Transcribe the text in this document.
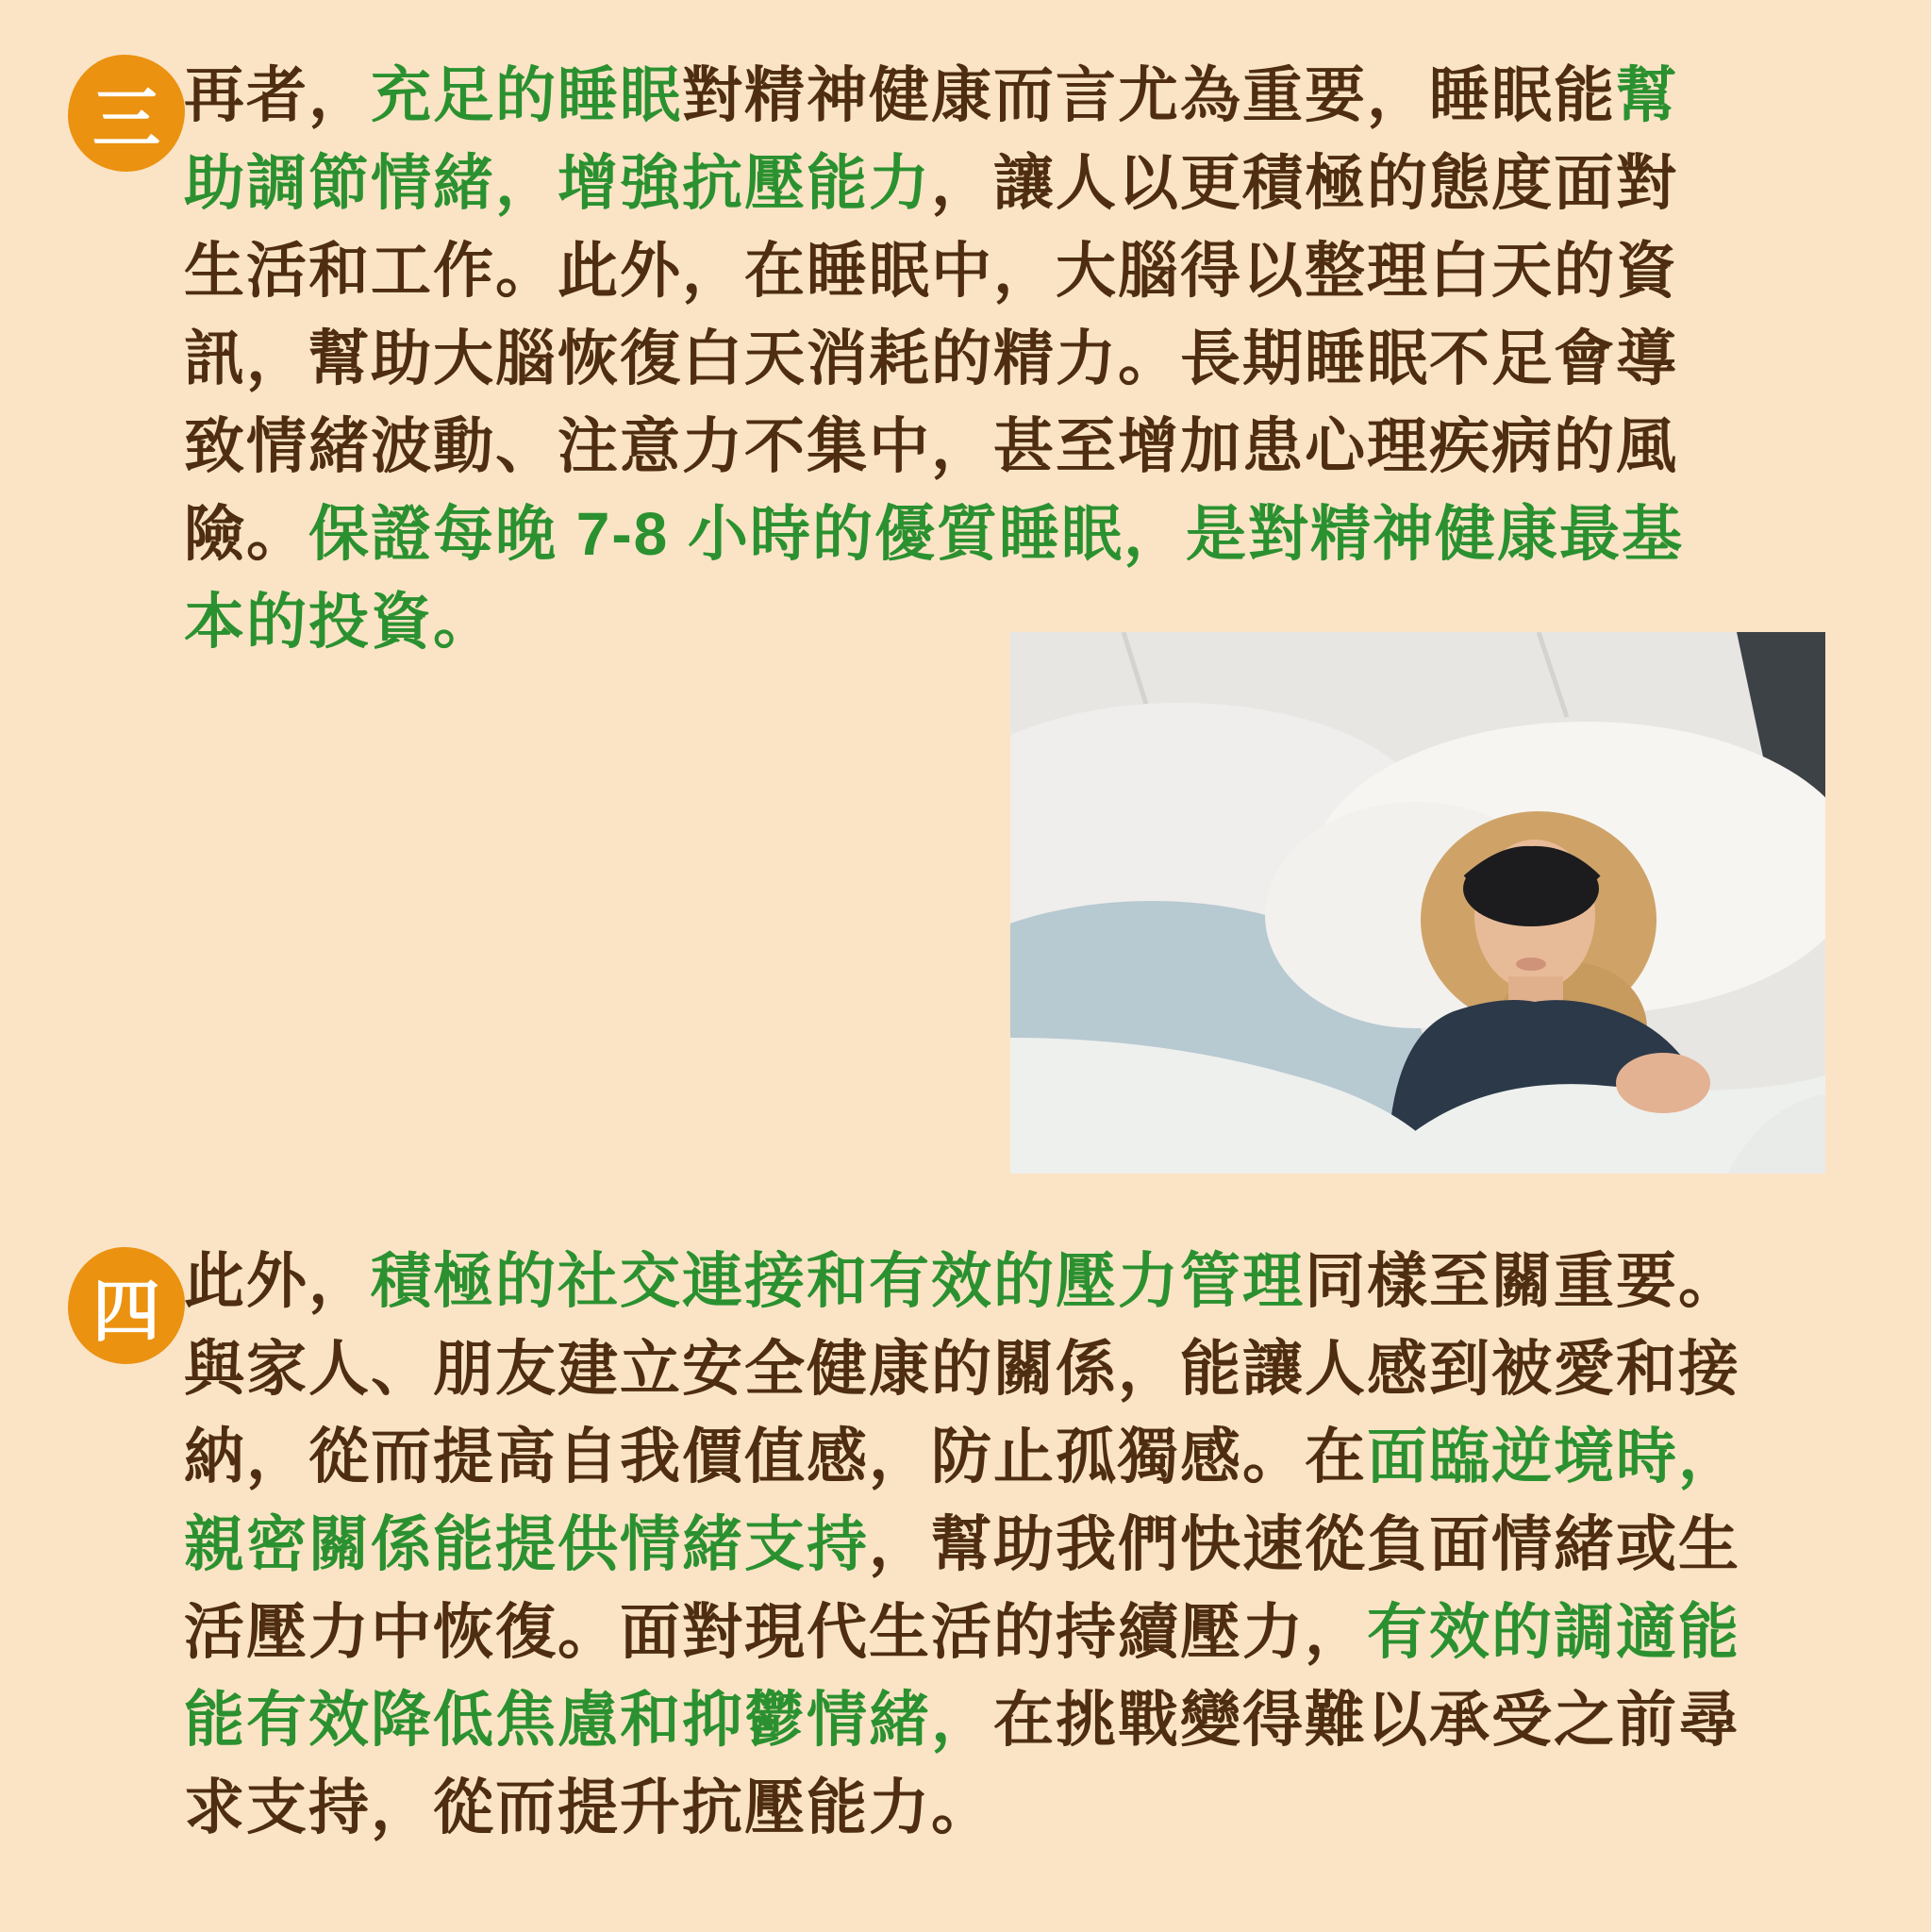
三 再者，充足的睡眠對精神健康而言尤為重要，睡眠能幫
助調節情緒，增強抗壓能力，讓人以更積極的態度面對
生活和工作。此外，在睡眠中，大腦得以整理白天的資
訊，幫助大腦恢復白天消耗的精力。長期睡眠不足會導
致情緒波動、注意力不集中，甚至增加患心理疾病的風
險。保證每晚 7-8 小時的優質睡眠，是對精神健康最基
本的投資。
四 此外，積極的社交連接和有效的壓力管理同樣至關重要。
與家人、朋友建立安全健康的關係，能讓人感到被愛和接
納，從而提高自我價值感，防止孤獨感。在面臨逆境時，
親密關係能提供情緒支持，幫助我們快速從負面情緒或生
活壓力中恢復。面對現代生活的持續壓力，有效的調適能
能有效降低焦慮和抑鬱情緒，在挑戰變得難以承受之前尋
求支持，從而提升抗壓能力。
